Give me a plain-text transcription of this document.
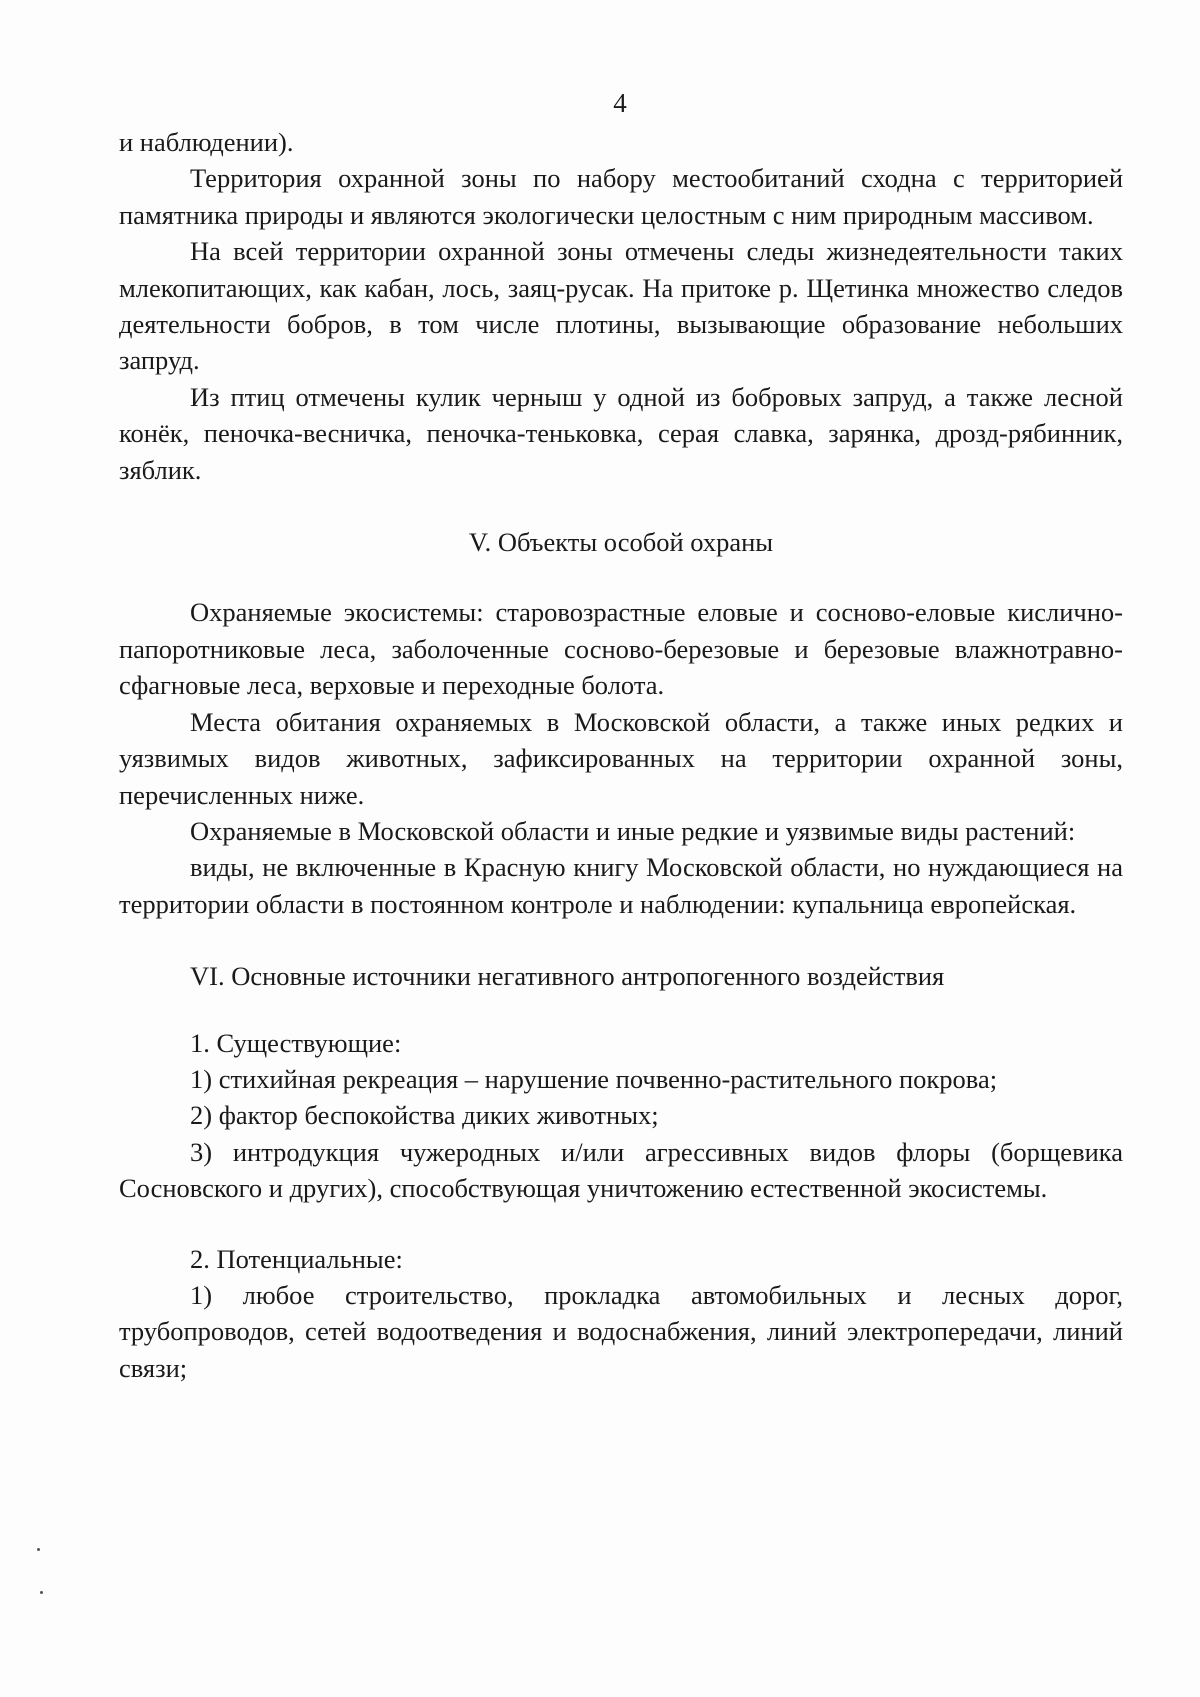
4

и наблюдении).

Территория охранной зоны по набору местообитаний сходна с территорией памятника природы и являются экологически целостным с ним природным массивом.

На всей территории охранной зоны отмечены следы жизнедеятельности таких млекопитающих, как кабан, лось, заяц-русак. На притоке р. Щетинка множество следов деятельности бобров, в том числе плотины, вызывающие образование небольших запруд.

Из птиц отмечены кулик черныш у одной из бобровых запруд, а также лесной конёк, пеночка-весничка, пеночка-теньковка, серая славка, зарянка, дрозд-рябинник, зяблик.

V. Объекты особой охраны

Охраняемые экосистемы: старовозрастные еловые и сосново-еловые кислично-папоротниковые леса, заболоченные сосново-березовые и березовые влажнотравно-сфагновые леса, верховые и переходные болота.

Места обитания охраняемых в Московской области, а также иных редких и уязвимых видов животных, зафиксированных на территории охранной зоны, перечисленных ниже.

Охраняемые в Московской области и иные редкие и уязвимые виды растений:

виды, не включенные в Красную книгу Московской области, но нуждающиеся на территории области в постоянном контроле и наблюдении: купальница европейская.

VI. Основные источники негативного антропогенного воздействия

1. Существующие:

1) стихийная рекреация – нарушение почвенно-растительного покрова;

2) фактор беспокойства диких животных;

3) интродукция чужеродных и/или агрессивных видов флоры (борщевика Сосновского и других), способствующая уничтожению естественной экосистемы.

2. Потенциальные:

1) любое строительство, прокладка автомобильных и лесных дорог, трубопроводов, сетей водоотведения и водоснабжения, линий электропередачи, линий связи;
